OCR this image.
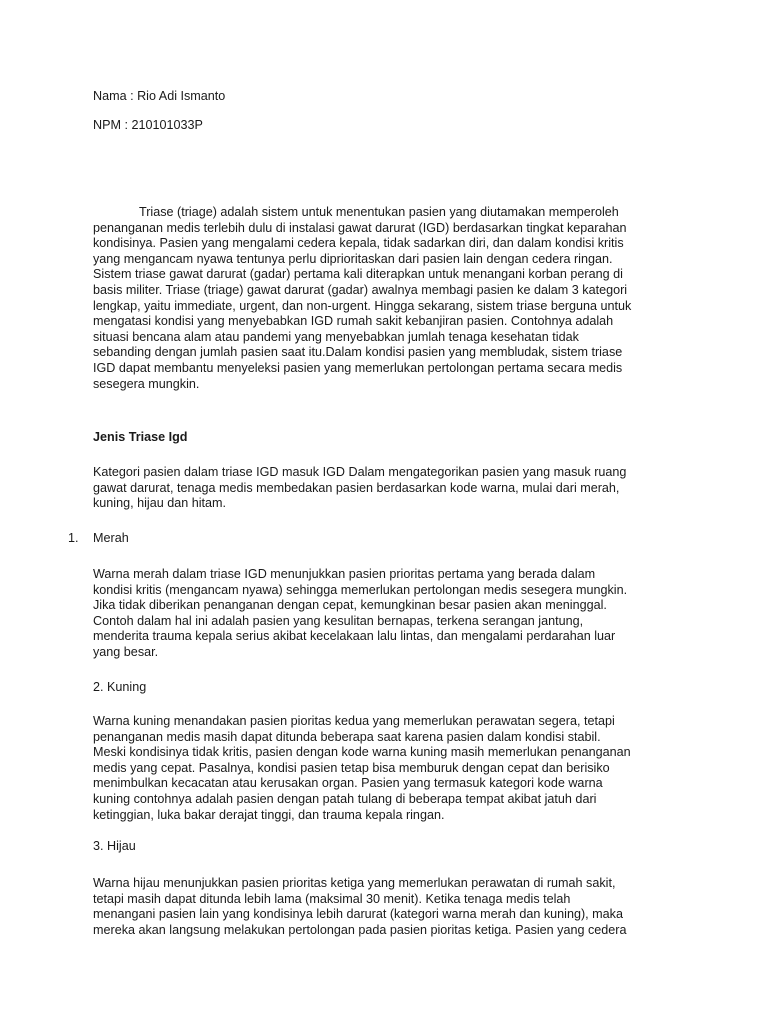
Nama : Rio Adi Ismanto
NPM : 210101033P
Triase (triage) adalah sistem untuk menentukan pasien yang diutamakan memperoleh
penanganan medis terlebih dulu di instalasi gawat darurat (IGD) berdasarkan tingkat keparahan
kondisinya. Pasien yang mengalami cedera kepala, tidak sadarkan diri, dan dalam kondisi kritis
yang mengancam nyawa tentunya perlu diprioritaskan dari pasien lain dengan cedera ringan.
Sistem triase gawat darurat (gadar) pertama kali diterapkan untuk menangani korban perang di
basis militer. Triase (triage) gawat darurat (gadar) awalnya membagi pasien ke dalam 3 kategori
lengkap, yaitu immediate, urgent, dan non-urgent. Hingga sekarang, sistem triase berguna untuk
mengatasi kondisi yang menyebabkan IGD rumah sakit kebanjiran pasien. Contohnya adalah
situasi bencana alam atau pandemi yang menyebabkan jumlah tenaga kesehatan tidak
sebanding dengan jumlah pasien saat itu.Dalam kondisi pasien yang membludak, sistem triase
IGD dapat membantu menyeleksi pasien yang memerlukan pertolongan pertama secara medis
sesegera mungkin.
Jenis Triase Igd
Kategori pasien dalam triase IGD masuk IGD Dalam mengategorikan pasien yang masuk ruang
gawat darurat, tenaga medis membedakan pasien berdasarkan kode warna, mulai dari merah,
kuning, hijau dan hitam.
1. Merah
Warna merah dalam triase IGD menunjukkan pasien prioritas pertama yang berada dalam
kondisi kritis (mengancam nyawa) sehingga memerlukan pertolongan medis sesegera mungkin.
Jika tidak diberikan penanganan dengan cepat, kemungkinan besar pasien akan meninggal.
Contoh dalam hal ini adalah pasien yang kesulitan bernapas, terkena serangan jantung,
menderita trauma kepala serius akibat kecelakaan lalu lintas, dan mengalami perdarahan luar
yang besar.
2. Kuning
Warna kuning menandakan pasien pioritas kedua yang memerlukan perawatan segera, tetapi
penanganan medis masih dapat ditunda beberapa saat karena pasien dalam kondisi stabil.
Meski kondisinya tidak kritis, pasien dengan kode warna kuning masih memerlukan penanganan
medis yang cepat. Pasalnya, kondisi pasien tetap bisa memburuk dengan cepat dan berisiko
menimbulkan kecacatan atau kerusakan organ. Pasien yang termasuk kategori kode warna
kuning contohnya adalah pasien dengan patah tulang di beberapa tempat akibat jatuh dari
ketinggian, luka bakar derajat tinggi, dan trauma kepala ringan.
3. Hijau
Warna hijau menunjukkan pasien prioritas ketiga yang memerlukan perawatan di rumah sakit,
tetapi masih dapat ditunda lebih lama (maksimal 30 menit). Ketika tenaga medis telah
menangani pasien lain yang kondisinya lebih darurat (kategori warna merah dan kuning), maka
mereka akan langsung melakukan pertolongan pada pasien pioritas ketiga. Pasien yang cedera
